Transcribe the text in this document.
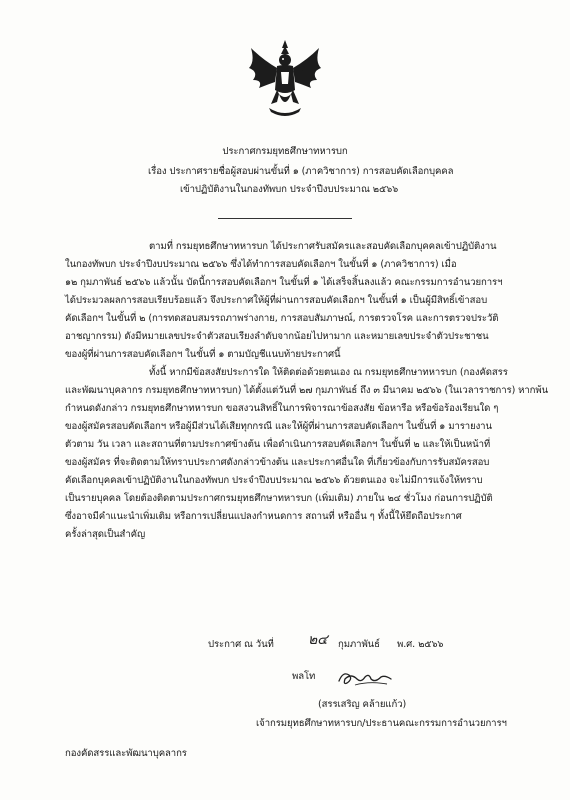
ประกาศกรมยุทธศึกษาทหารบก
เรื่อง ประกาศรายชื่อผู้สอบผ่านขั้นที่ ๑ (ภาควิชาการ) การสอบคัดเลือกบุคคล
เข้าปฏิบัติงานในกองทัพบก ประจำปีงบประมาณ ๒๕๖๖
ตามที่ กรมยุทธศึกษาทหารบก ได้ประกาศรับสมัครและสอบคัดเลือกบุคคลเข้าปฏิบัติงาน
ในกองทัพบก ประจำปีงบประมาณ ๒๕๖๖ ซึ่งได้ทำการสอบคัดเลือกฯ ในขั้นที่ ๑ (ภาควิชาการ) เมื่อ
๑๒ กุมภาพันธ์ ๒๕๖๖ แล้วนั้น บัดนี้การสอบคัดเลือกฯ ในขั้นที่ ๑ ได้เสร็จสิ้นลงแล้ว คณะกรรมการอำนวยการฯ
ได้ประมวลผลการสอบเรียบร้อยแล้ว จึงประกาศให้ผู้ที่ผ่านการสอบคัดเลือกฯ ในขั้นที่ ๑ เป็นผู้มีสิทธิ์เข้าสอบ
คัดเลือกฯ ในขั้นที่ ๒ (การทดสอบสมรรถภาพร่างกาย, การสอบสัมภาษณ์, การตรวจโรค และการตรวจประวัติ
อาชญากรรม) ดังมีหมายเลขประจำตัวสอบเรียงลำดับจากน้อยไปหามาก และหมายเลขประจำตัวประชาชน
ของผู้ที่ผ่านการสอบคัดเลือกฯ ในขั้นที่ ๑ ตามบัญชีแนบท้ายประกาศนี้
ทั้งนี้ หากมีข้อสงสัยประการใด ให้ติดต่อด้วยตนเอง ณ กรมยุทธศึกษาทหารบก (กองคัดสรร
และพัฒนาบุคลากร กรมยุทธศึกษาทหารบก) ได้ตั้งแต่วันที่ ๒๗ กุมภาพันธ์ ถึง ๓ มีนาคม ๒๕๖๖ (ในเวลาราชการ) หากพ้น
กำหนดดังกล่าว กรมยุทธศึกษาทหารบก ขอสงวนสิทธิ์ในการพิจารณาข้อสงสัย ข้อหารือ หรือข้อร้องเรียนใด ๆ
ของผู้สมัครสอบคัดเลือกฯ หรือผู้มีส่วนได้เสียทุกกรณี และให้ผู้ที่ผ่านการสอบคัดเลือกฯ ในขั้นที่ ๑ มารายงาน
ตัวตาม วัน เวลา และสถานที่ตามประกาศข้างต้น เพื่อดำเนินการสอบคัดเลือกฯ ในขั้นที่ ๒ และให้เป็นหน้าที่
ของผู้สมัคร ที่จะติดตามให้ทราบประกาศดังกล่าวข้างต้น และประกาศอื่นใด ที่เกี่ยวข้องกับการรับสมัครสอบ
คัดเลือกบุคคลเข้าปฏิบัติงานในกองทัพบก ประจำปีงบประมาณ ๒๕๖๖ ด้วยตนเอง จะไม่มีการแจ้งให้ทราบ
เป็นรายบุคคล โดยต้องติดตามประกาศกรมยุทธศึกษาทหารบก (เพิ่มเติม) ภายใน ๒๔ ชั่วโมง ก่อนการปฏิบัติ
ซึ่งอาจมีคำแนะนำเพิ่มเติม หรือการเปลี่ยนแปลงกำหนดการ สถานที่ หรืออื่น ๆ ทั้งนี้ให้ยึดถือประกาศ
ครั้งล่าสุดเป็นสำคัญ
ประกาศ ณ วันที่ ๒๔ กุมภาพันธ์ พ.ศ. ๒๕๖๖
พลโท
(สรรเสริญ คล้ายแก้ว)
เจ้ากรมยุทธศึกษาทหารบก/ประธานคณะกรรมการอำนวยการฯ
กองคัดสรรและพัฒนาบุคลากร
